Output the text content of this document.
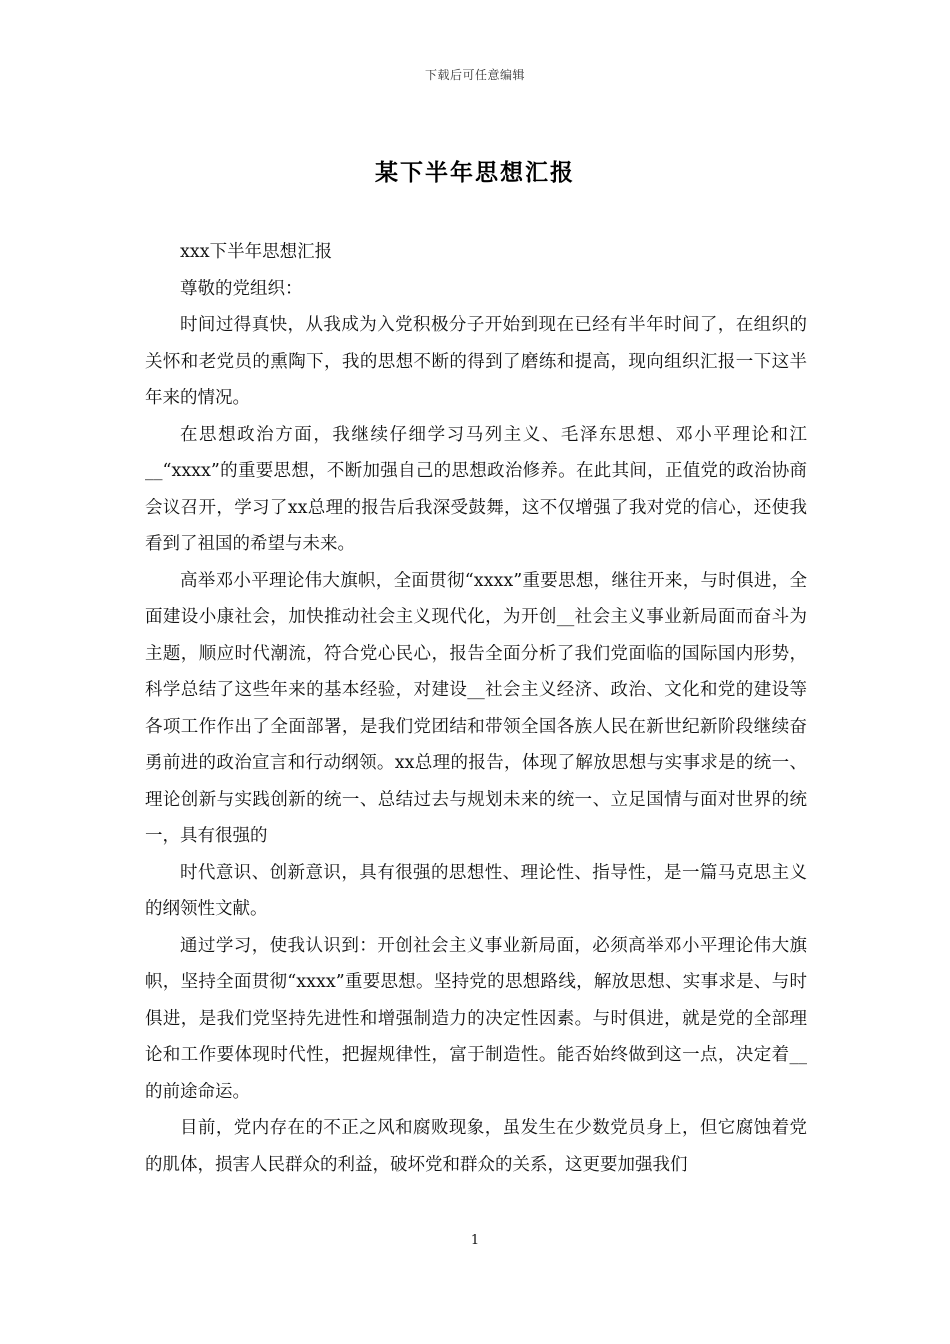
下载后可任意编辑
某下半年思想汇报

xxx下半年思想汇报

尊敬的党组织：

时间过得真快，从我成为入党积极分子开始到现在已经有半年时间了，在组织的关怀和老党员的熏陶下，我的思想不断的得到了磨练和提高，现向组织汇报一下这半年来的情况。

在思想政治方面，我继续仔细学习马列主义、毛泽东思想、邓小平理论和江__“xxxx”的重要思想，不断加强自己的思想政治修养。在此其间，正值党的政治协商会议召开，学习了xx总理的报告后我深受鼓舞，这不仅增强了我对党的信心，还使我看到了祖国的希望与未来。

高举邓小平理论伟大旗帜，全面贯彻“xxxx”重要思想，继往开来，与时俱进，全面建设小康社会，加快推动社会主义现代化，为开创__社会主义事业新局面而奋斗为主题，顺应时代潮流，符合党心民心，报告全面分析了我们党面临的国际国内形势，科学总结了这些年来的基本经验，对建设__社会主义经济、政治、文化和党的建设等各项工作作出了全面部署，是我们党团结和带领全国各族人民在新世纪新阶段继续奋勇前进的政治宣言和行动纲领。xx总理的报告，体现了解放思想与实事求是的统一、理论创新与实践创新的统一、总结过去与规划未来的统一、立足国情与面对世界的统一，具有很强的

时代意识、创新意识，具有很强的思想性、理论性、指导性，是一篇马克思主义的纲领性文献。

通过学习，使我认识到：开创社会主义事业新局面，必须高举邓小平理论伟大旗帜，坚持全面贯彻“xxxx”重要思想。坚持党的思想路线，解放思想、实事求是、与时俱进，是我们党坚持先进性和增强制造力的决定性因素。与时俱进，就是党的全部理论和工作要体现时代性，把握规律性，富于制造性。能否始终做到这一点，决定着__的前途命运。

目前，党内存在的不正之风和腐败现象，虽发生在少数党员身上，但它腐蚀着党的肌体，损害人民群众的利益，破坏党和群众的关系，这更要加强我们

1
